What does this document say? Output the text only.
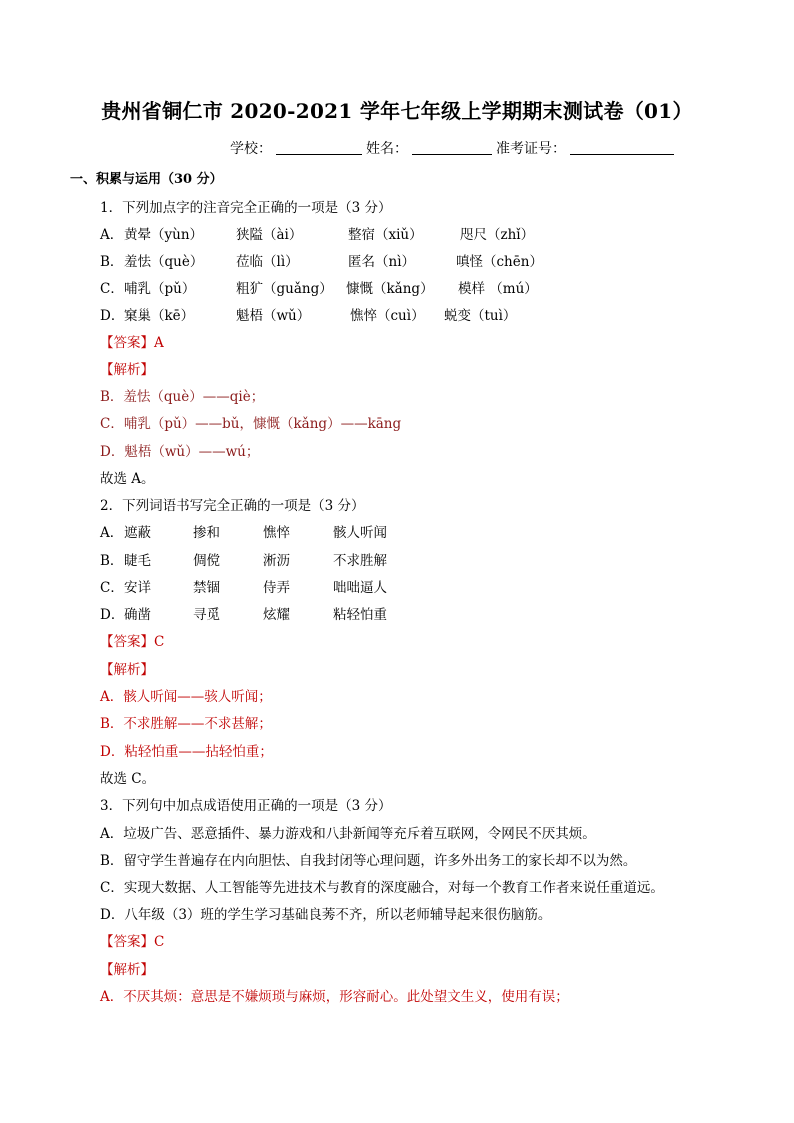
贵州省铜仁市 2020-2021 学年七年级上学期期末测试卷（01）
学校：	姓名：	准考证号：
一、积累与运用（30 分）
1．下列加点字的注音完全正确的一项是（3 分）
A． 黄晕（yùn） 狭隘（ài）	整宿（xiǔ）	咫尺（zhǐ）
B． 羞怯（què） 莅临（lì）	匿名（nì）	嗔怪（chēn）
C． 哺乳（pǔ）	粗犷（guǎng） 慷慨（kǎng） 模样 （mú）
D． 窠巢（kē）	魁梧（wǔ）	憔悴（cuì） 蜕变（tuì）
【答案】A
【解析】
B．羞怯（què）——qiè；
C．哺乳（pǔ）——bǔ，慷慨（kǎng）——kāng
D．魁梧（wǔ）——wú；
故选 A。
2．下列词语书写完全正确的一项是（3 分）
A． 遮蔽	掺和	憔悴	骸人听闻
B． 睫毛	倜傥	淅沥	不求胜解
C． 安详	禁锢	侍弄	咄咄逼人
D． 确凿	寻觅	炫耀	粘轻怕重
【答案】C
【解析】
A．骸人听闻——骇人听闻；
B．不求胜解——不求甚解；
D．粘轻怕重——拈轻怕重；
故选 C。
3．下列句中加点成语使用正确的一项是（3 分）
A．垃圾广告、恶意插件、暴力游戏和八卦新闻等充斥着互联网，令网民不厌其烦。
B．留守学生普遍存在内向胆怯、自我封闭等心理问题，许多外出务工的家长却不以为然。
C．实现大数据、人工智能等先进技术与教育的深度融合，对每一个教育工作者来说任重道远。
D．八年级（3）班的学生学习基础良莠不齐，所以老师辅导起来很伤脑筋。
【答案】C
【解析】
A．不厌其烦：意思是不嫌烦琐与麻烦，形容耐心。此处望文生义，使用有误；
